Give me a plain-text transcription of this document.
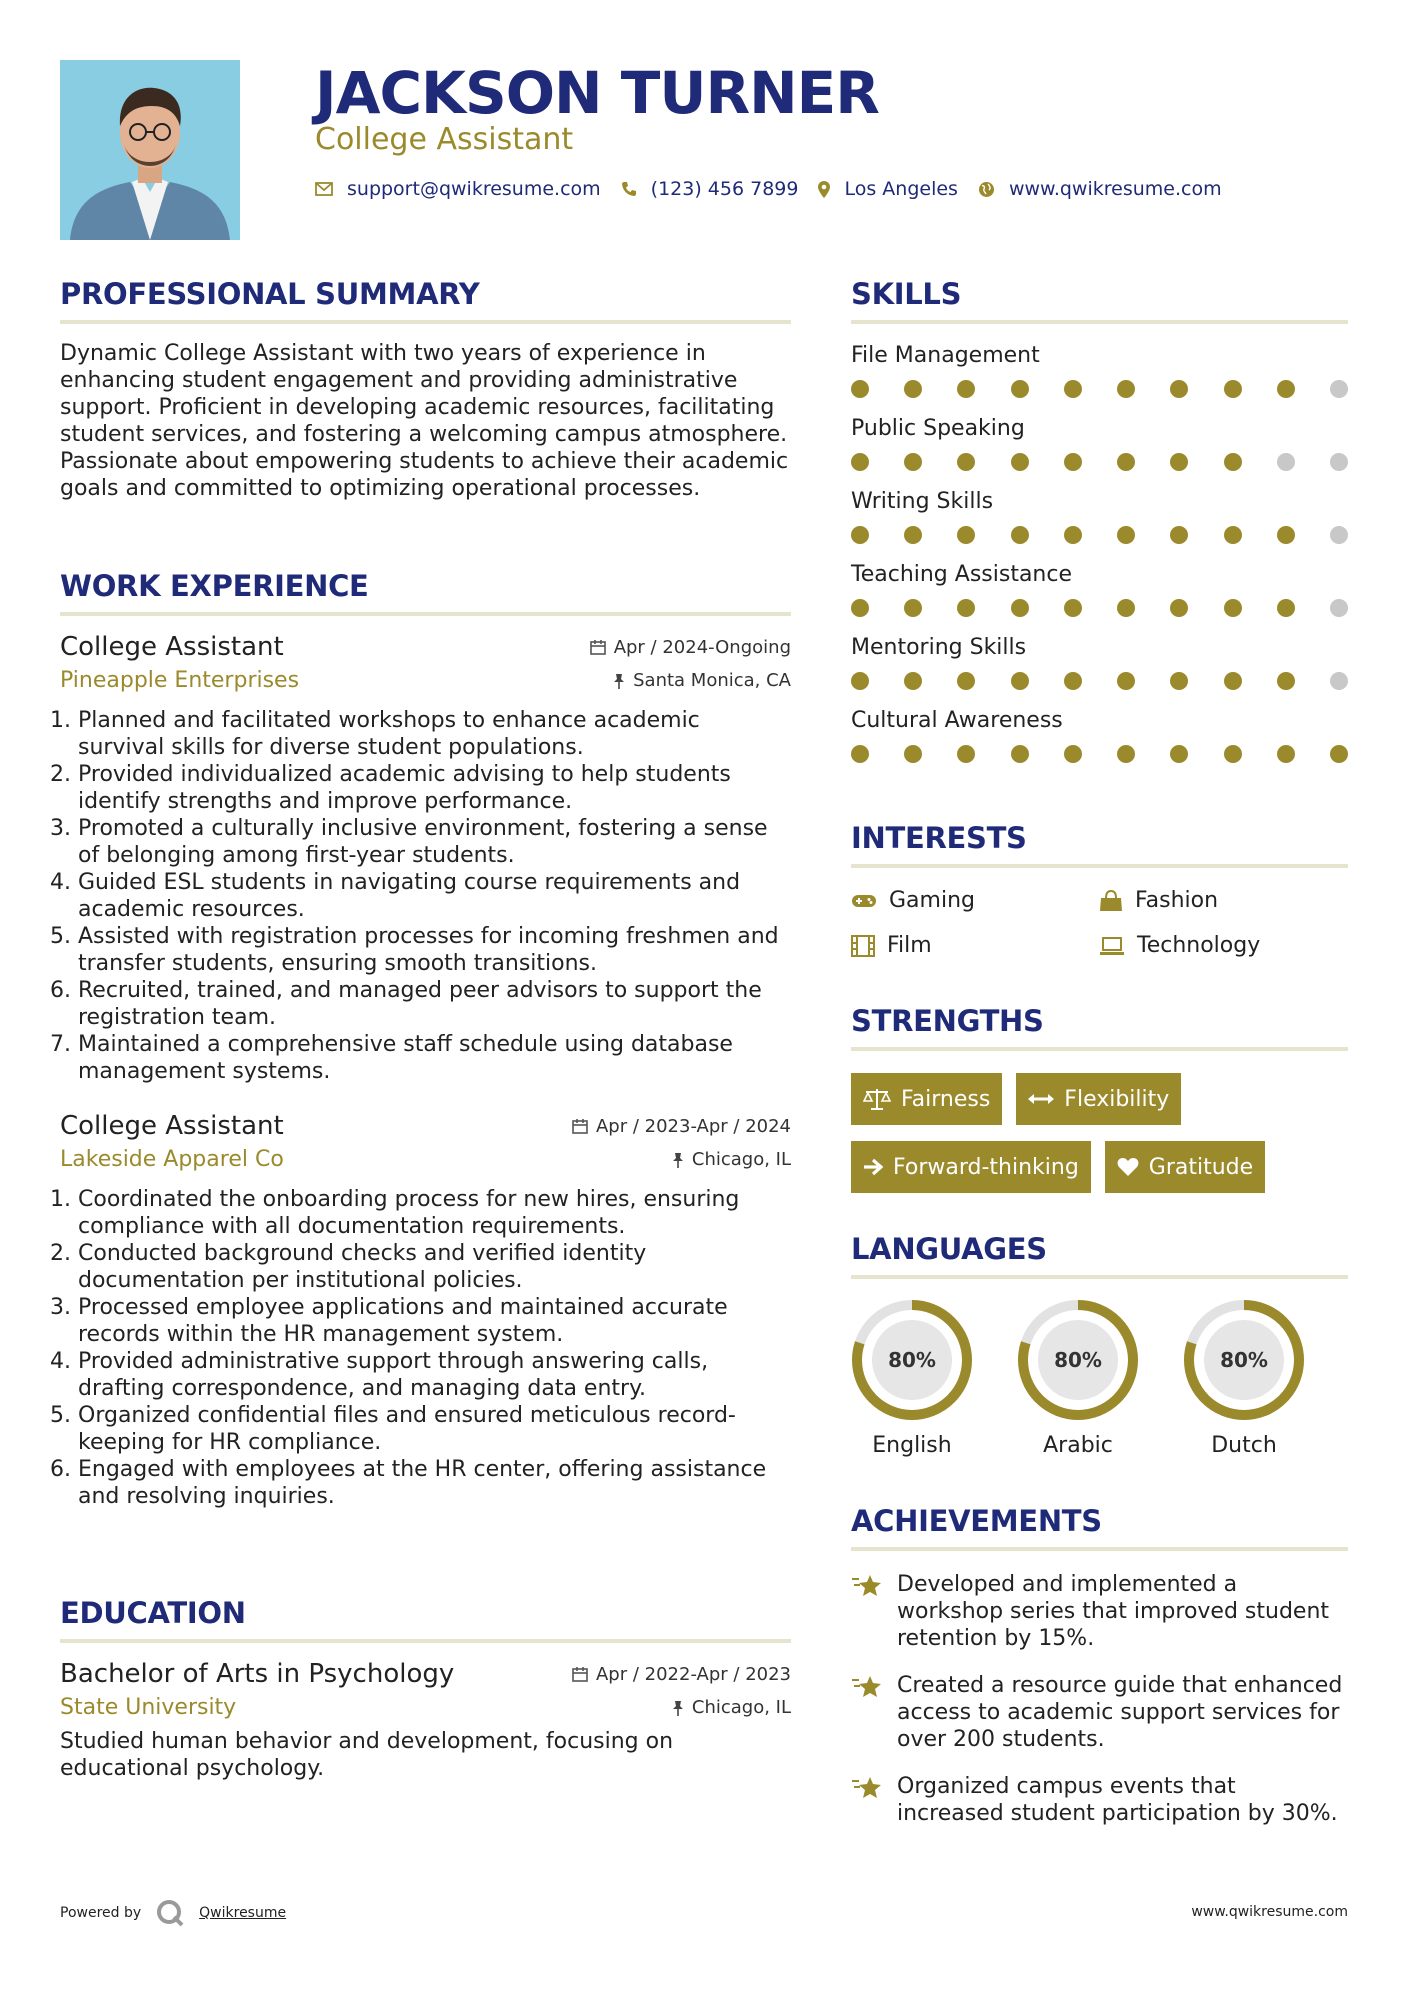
JACKSON TURNER
College Assistant
support@qwikresume.com	(123) 456 7899 Los Angeles	www.qwikresume.com
PROFESSIONAL SUMMARY
Dynamic College Assistant with two years of experience in enhancing student engagement and providing administrative support. Proficient in developing academic resources, facilitating student services, and fostering a welcoming campus atmosphere. Passionate about empowering students to achieve their academic goals and committed to optimizing operational processes.
WORK EXPERIENCE
College Assistant	Apr / 2024-Ongoing
Pineapple Enterprises	Santa Monica, CA
1. Planned and facilitated workshops to enhance academic survival skills for diverse student populations.
2. Provided individualized academic advising to help students identify strengths and improve performance.
3. Promoted a culturally inclusive environment, fostering a sense of belonging among first-year students.
4. Guided ESL students in navigating course requirements and academic resources.
5. Assisted with registration processes for incoming freshmen and transfer students, ensuring smooth transitions.
6. Recruited, trained, and managed peer advisors to support the registration team.
7. Maintained a comprehensive staff schedule using database management systems.
College Assistant	Apr / 2023-Apr / 2024
Lakeside Apparel Co	Chicago, IL
1. Coordinated the onboarding process for new hires, ensuring compliance with all documentation requirements.
2. Conducted background checks and verified identity documentation per institutional policies.
3. Processed employee applications and maintained accurate records within the HR management system.
4. Provided administrative support through answering calls, drafting correspondence, and managing data entry.
5. Organized confidential files and ensured meticulous record-keeping for HR compliance.
6. Engaged with employees at the HR center, offering assistance and resolving inquiries.
EDUCATION
Bachelor of Arts in Psychology	Apr / 2022-Apr / 2023
State University	Chicago, IL
Studied human behavior and development, focusing on educational psychology.
SKILLS
File Management
Public Speaking
Writing Skills
Teaching Assistance
Mentoring Skills
Cultural Awareness
INTERESTS
Gaming	Fashion
Film	Technology
STRENGTHS
Fairness	Flexibility
Forward-thinking	Gratitude
LANGUAGES
80%
English
80%
Arabic
80%
Dutch
ACHIEVEMENTS
Developed and implemented a workshop series that improved student retention by 15%.
Created a resource guide that enhanced access to academic support services for over 200 students.
Organized campus events that increased student participation by 30%.
Powered by	Qwikresume	www.qwikresume.com
